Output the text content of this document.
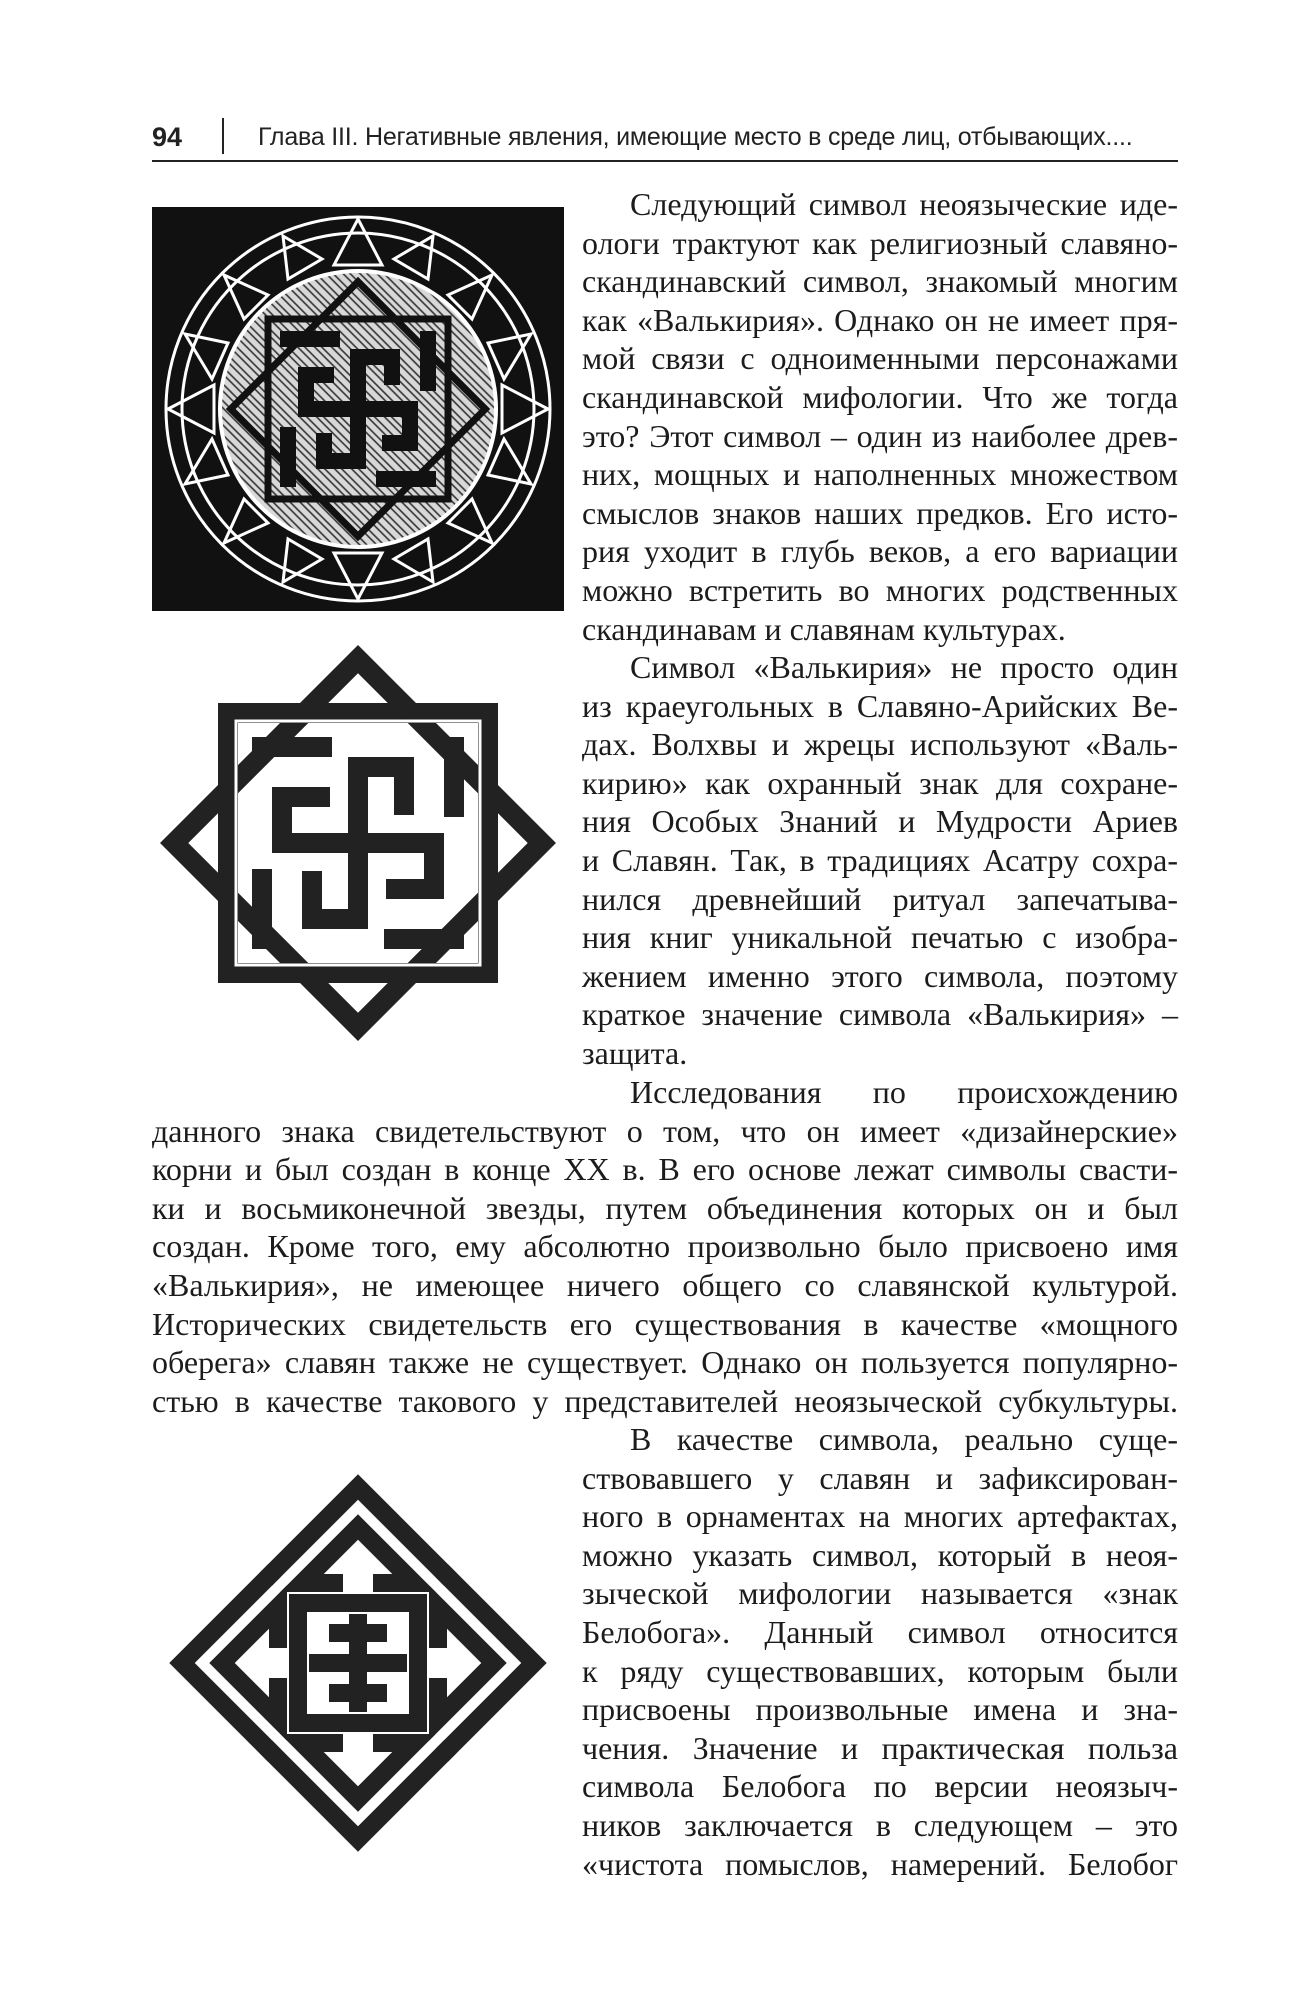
94	Глава III. Негативные явления, имеющие место в среде лиц, отбывающих....
Следующий символ неоязыческие иде-
ологи трактуют как религиозный славяно-
скандинавский символ, знакомый многим
как «Валькирия». Однако он не имеет пря-
мой связи с одноименными персонажами
скандинавской мифологии. Что же тогда
это? Этот символ – один из наиболее древ-
них, мощных и наполненных множеством
смыслов знаков наших предков. Его исто-
рия уходит в глубь веков, а его вариации
можно встретить во многих родственных
скандинавам и славянам культурах.
Символ «Валькирия» не просто один
из краеугольных в Славяно-Арийских Ве-
дах. Волхвы и жрецы используют «Валь-
кирию» как охранный знак для сохране-
ния Особых Знаний и Мудрости Ариев
и Славян. Так, в традициях Асатру сохра-
нился древнейший ритуал запечатыва-
ния книг уникальной печатью с изобра-
жением именно этого символа, поэтому
краткое значение символа «Валькирия» –
защита.
Исследования по происхождению
данного знака свидетельствуют о том, что он имеет «дизайнерские»
корни и был создан в конце XX в. В его основе лежат символы свасти-
ки и восьмиконечной звезды, путем объединения которых он и был
создан. Кроме того, ему абсолютно произвольно было присвоено имя
«Валькирия», не имеющее ничего общего со славянской культурой.
Исторических свидетельств его существования в качестве «мощного
оберега» славян также не существует. Однако он пользуется популярно-
стью в качестве такового у представителей неоязыческой субкультуры.
В качестве символа, реально суще-
ствовавшего у славян и зафиксирован-
ного в орнаментах на многих артефактах,
можно указать символ, который в неоя-
зыческой мифологии называется «знак
Белобога». Данный символ относится
к ряду существовавших, которым были
присвоены произвольные имена и зна-
чения. Значение и практическая польза
символа Белобога по версии неоязыч-
ников заключается в следующем – это
«чистота помыслов, намерений. Белобог
